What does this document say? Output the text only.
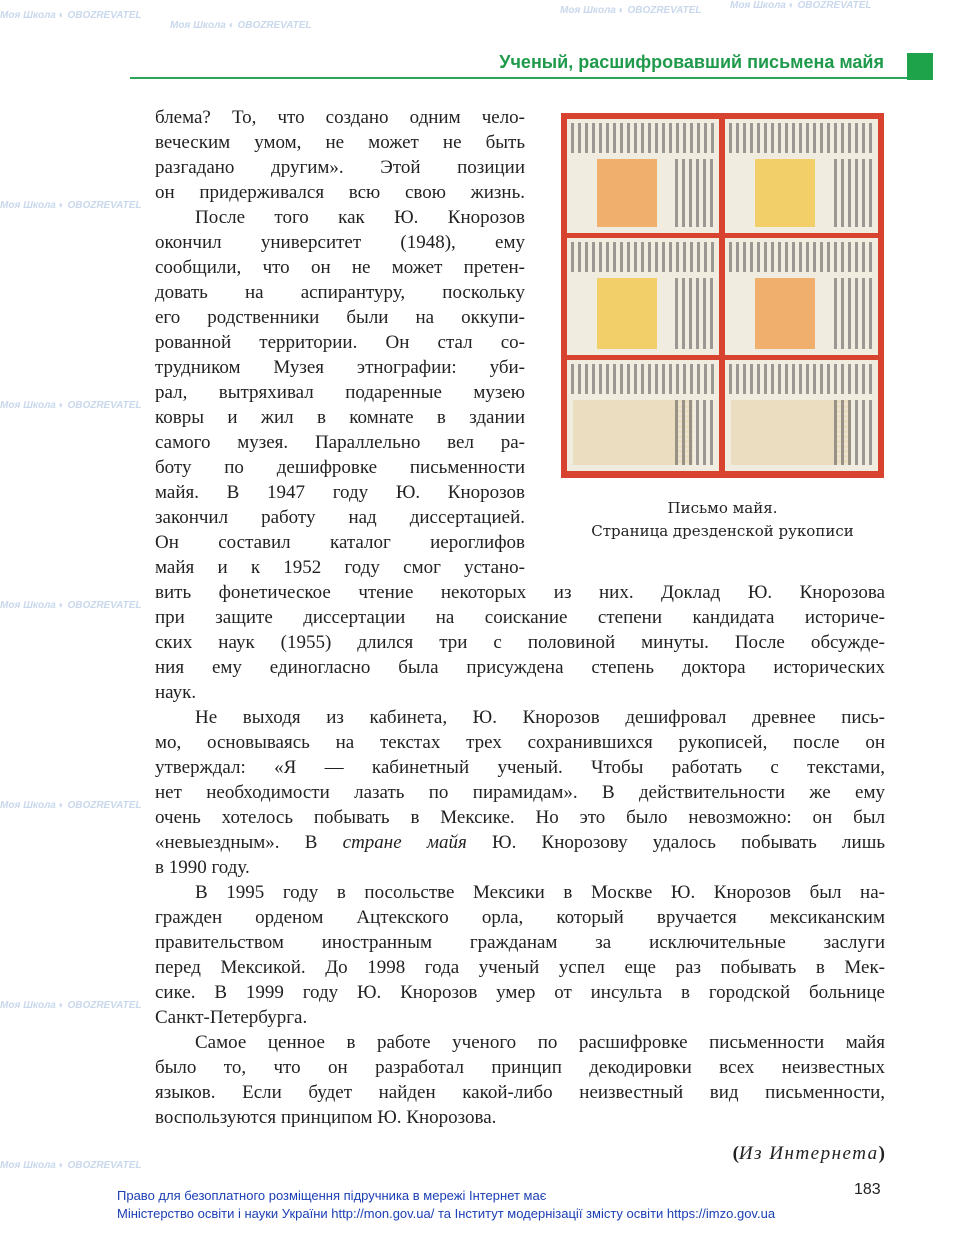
Ученый, расшифровавший письмена майя
Моя Школа ◐ OBOZREVATEL
Моя Школа ◐ OBOZREVATEL
Моя Школа ◐ OBOZREVATEL	Моя Школа ◐ OBOZREVATEL
Моя Школа ◐ OBOZREVATEL
Моя Школа ◐ OBOZREVATEL
Моя Школа ◐ OBOZREVATEL
Моя Школа ◐ OBOZREVATEL
Моя Школа ◐ OBOZREVATEL
Моя Школа ◐ OBOZREVATEL
блема? То, что создано одним чело-
веческим умом, не может не быть
разгадано другим». Этой позиции
он придерживался всю свою жизнь.
После того как Ю. Кнорозов
окончил университет (1948), ему
сообщили, что он не может претен-
довать на аспирантуру, поскольку
его родственники были на оккупи-
рованной территории. Он стал со-
трудником Музея этнографии: уби-
рал, вытряхивал подаренные музею
ковры и жил в комнате в здании
самого музея. Параллельно вел ра-
боту по дешифровке письменности
майя. В 1947 году Ю. Кнорозов
закончил работу над диссертацией.
Он составил каталог иероглифов
майя и к 1952 году смог устано-
вить фонетическое чтение некоторых из них. Доклад Ю. Кнорозова
при защите диссертации на соискание степени кандидата историче-
ских наук (1955) длился три с половиной минуты. После обсужде-
ния ему единогласно была присуждена степень доктора исторических
наук.
Не выходя из кабинета, Ю. Кнорозов дешифровал древнее пись-
мо, основываясь на текстах трех сохранившихся рукописей, после он
утверждал: «Я — кабинетный ученый. Чтобы работать с текстами,
нет необходимости лазать по пирамидам». В действительности же ему
очень хотелось побывать в Мексике. Но это было невозможно: он был
«невыездным». В стране майя Ю. Кнорозову удалось побывать лишь
в 1990 году.
В 1995 году в посольстве Мексики в Москве Ю. Кнорозов был на-
гражден орденом Ацтекского орла, который вручается мексиканским
правительством иностранным гражданам за исключительные заслуги
перед Мексикой. До 1998 года ученый успел еще раз побывать в Мек-
сике. В 1999 году Ю. Кнорозов умер от инсульта в городской больнице
Санкт-Петербурга.
Самое ценное в работе ученого по расшифровке письменности майя
было то, что он разработал принцип декодировки всех неизвестных
языков. Если будет найден какой-либо неизвестный вид письменности,
воспользуются принципом Ю. Кнорозова.
Письмо майя.
Страница дрезденской рукописи
(Из Интернета)
183
Право для безоплатного розміщення підручника в мережі Інтернет має
Міністерство освіти і науки України http://mon.gov.ua/ та Інститут модернізації змісту освіти https://imzo.gov.ua
